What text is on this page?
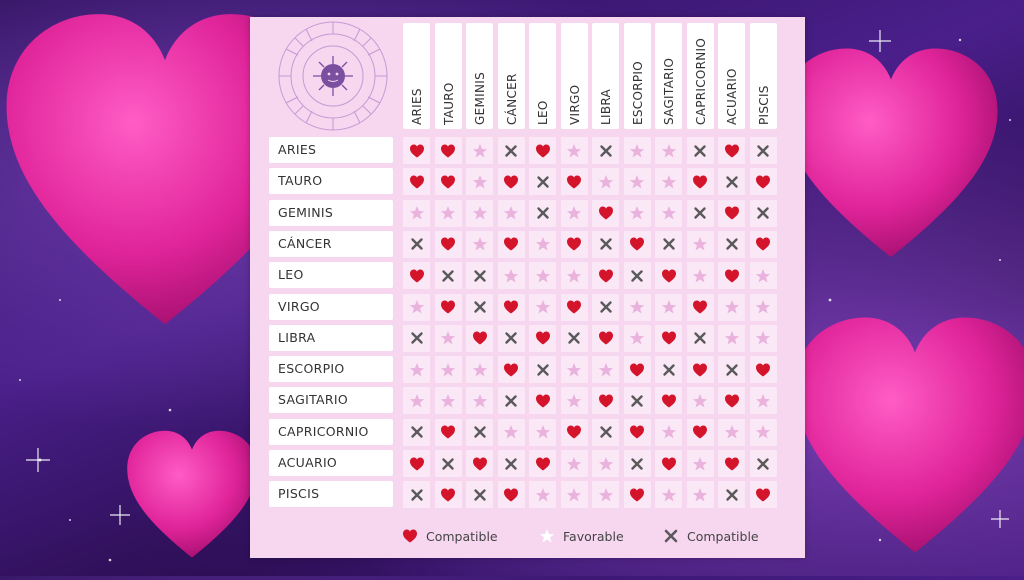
ARIES
ARIES
TAURO
TAURO
GEMINIS
GEMINIS
CÁNCER
CÁNCER
LEO
LEO
VIRGO
VIRGO
LIBRA
LIBRA
ESCORPIO
ESCORPIO
SAGITARIO
SAGITARIO
CAPRICORNIO
CAPRICORNIO
ACUARIO
ACUARIO
PISCIS
PISCIS
Compatible	Favorable	Compatible
